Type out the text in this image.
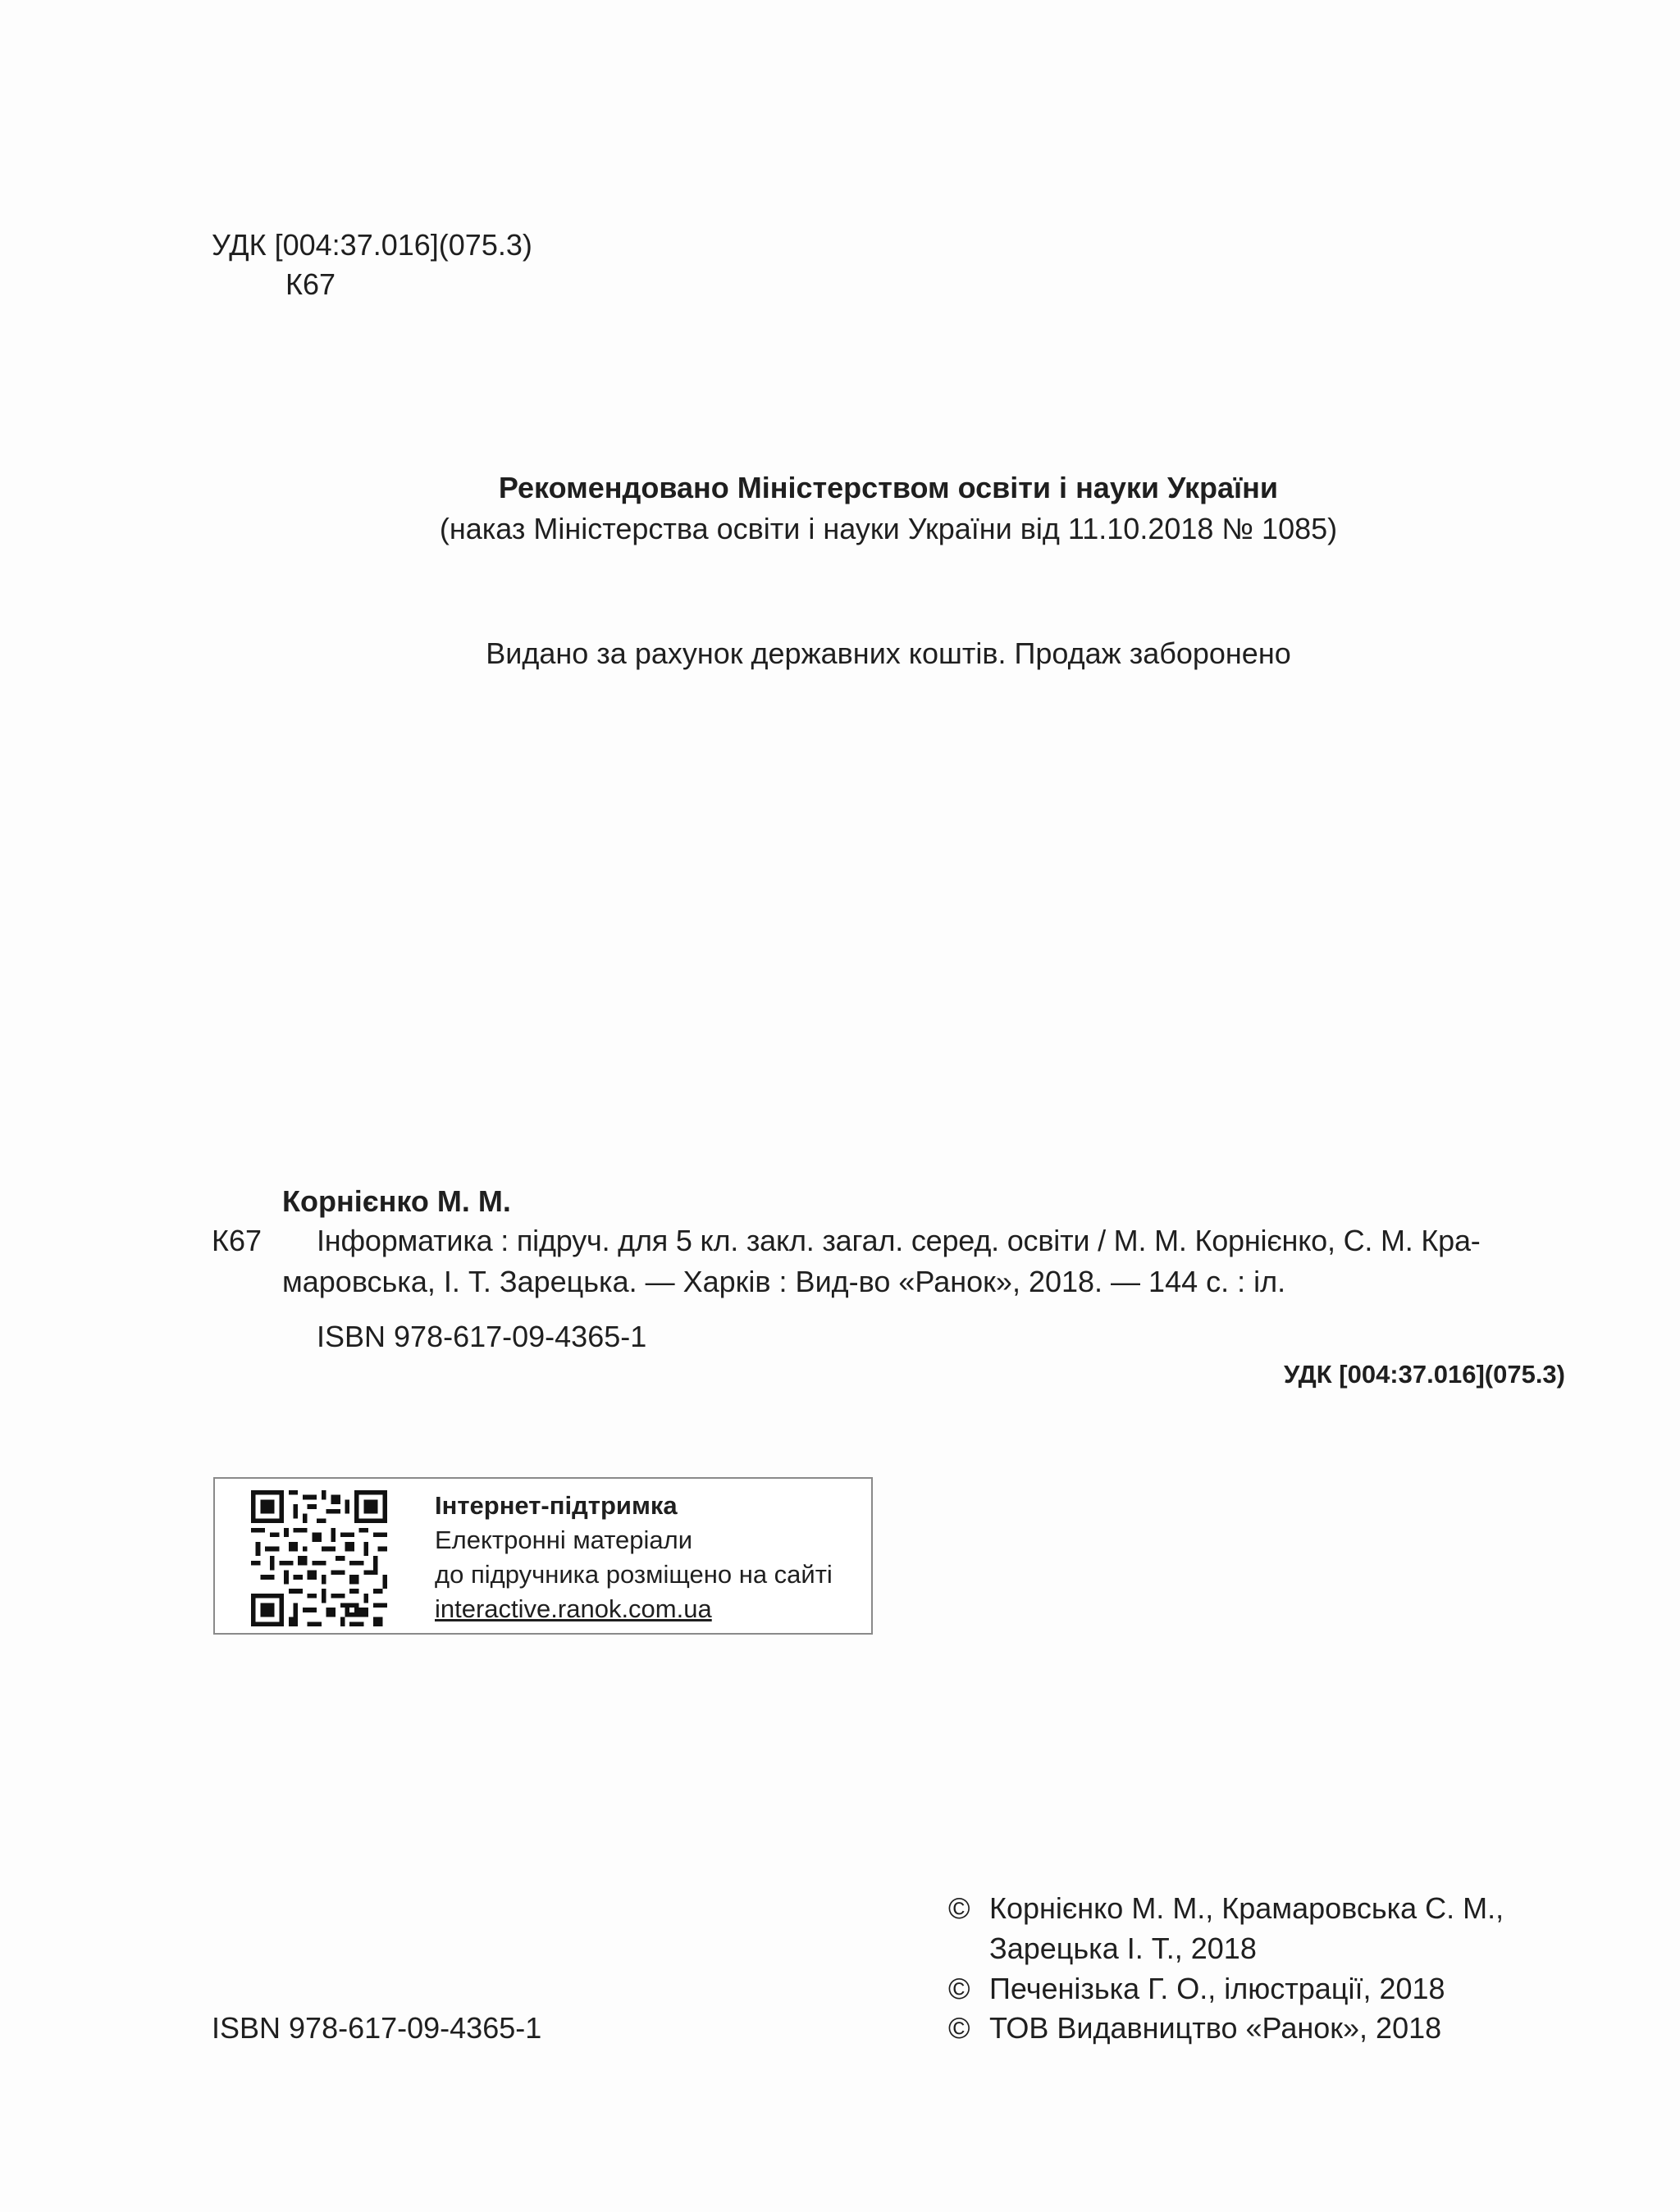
УДК [004:37.016](075.3)
К67
Рекомендовано Міністерством освіти і науки України
(наказ Міністерства освіти і науки України від 11.10.2018 № 1085)
Видано за рахунок державних коштів. Продаж заборонено
Корнієнко М. М.
К67 Інформатика : підруч. для 5 кл. закл. загал. серед. освіти / М. М. Корнієнко, С. М. Кра-
маровська, І. Т. Зарецька. — Харків : Вид-во «Ранок», 2018. — 144 с. : іл.
ISBN 978-617-09-4365-1
УДК [004:37.016](075.3)
Інтернет-підтримка
Електронні матеріали
до підручника розміщено на сайті
interactive.ranok.com.ua
ISBN 978-617-09-4365-1
© Корнієнко М. М., Крамаровська С. М.,
Зарецька І. Т., 2018
© Печенізька Г. О., ілюстрації, 2018
© ТОВ Видавництво «Ранок», 2018
